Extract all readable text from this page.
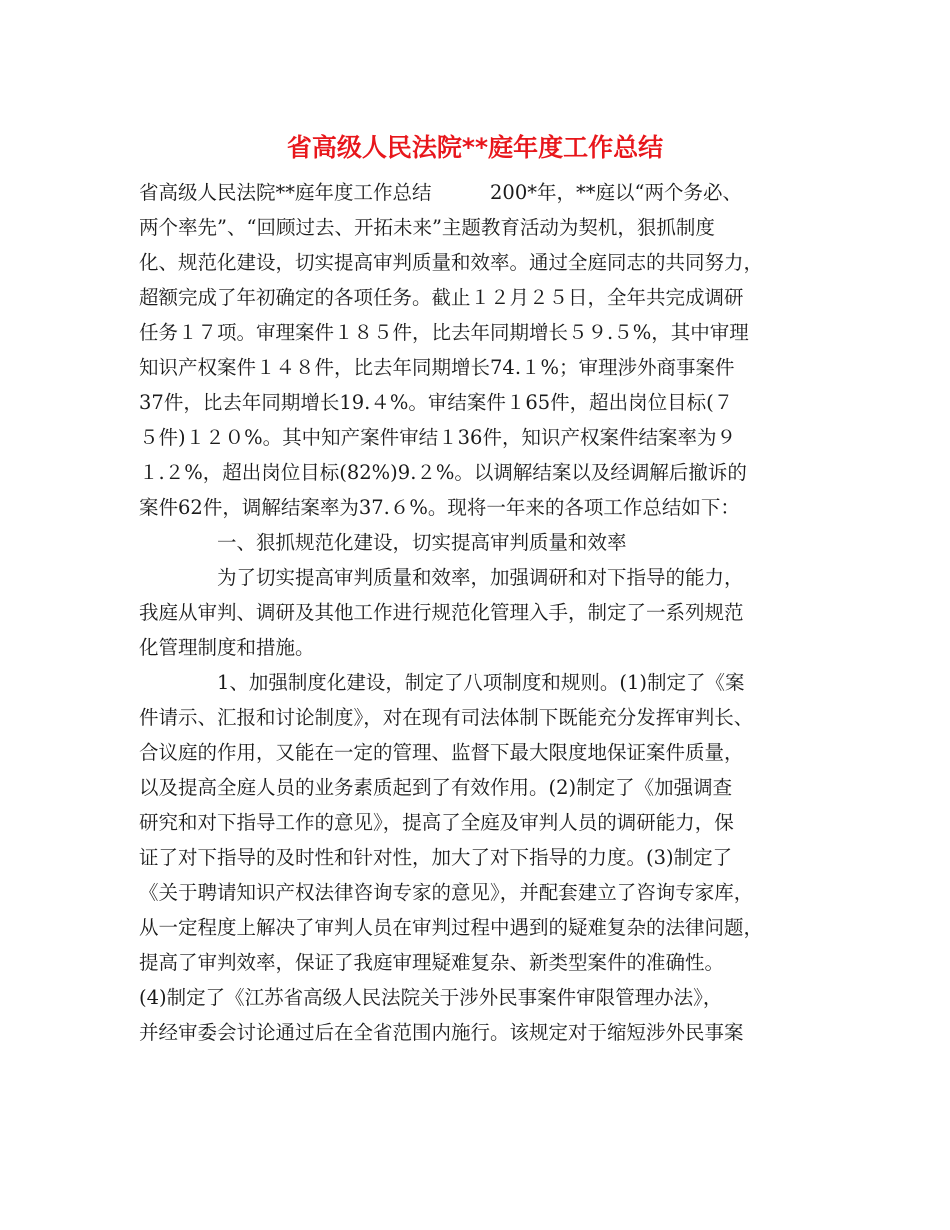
省高级人民法院**庭年度工作总结
省高级人民法院**庭年度工作总结　　　200*年，**庭以“两个务必、
两个率先”、“回顾过去、开拓未来”主题教育活动为契机，狠抓制度
化、规范化建设，切实提高审判质量和效率。通过全庭同志的共同努力，
超额完成了年初确定的各项任务。截止１２月２５日，全年共完成调研
任务１７项。审理案件１８５件，比去年同期增长５９.５%，其中审理
知识产权案件１４８件，比去年同期增长74.１%；审理涉外商事案件
37件，比去年同期增长19.４%。审结案件１65件，超出岗位目标(７
５件)１２０%。其中知产案件审结１36件，知识产权案件结案率为９
１.２%，超出岗位目标(82%)9.２%。以调解结案以及经调解后撤诉的
案件62件，调解结案率为37.６%。现将一年来的各项工作总结如下：
一、狠抓规范化建设，切实提高审判质量和效率
为了切实提高审判质量和效率，加强调研和对下指导的能力，
我庭从审判、调研及其他工作进行规范化管理入手，制定了一系列规范
化管理制度和措施。
1、加强制度化建设，制定了八项制度和规则。(1)制定了《案
件请示、汇报和讨论制度》，对在现有司法体制下既能充分发挥审判长、
合议庭的作用，又能在一定的管理、监督下最大限度地保证案件质量，
以及提高全庭人员的业务素质起到了有效作用。(2)制定了《加强调查
研究和对下指导工作的意见》，提高了全庭及审判人员的调研能力，保
证了对下指导的及时性和针对性，加大了对下指导的力度。(3)制定了
《关于聘请知识产权法律咨询专家的意见》，并配套建立了咨询专家库，
从一定程度上解决了审判人员在审判过程中遇到的疑难复杂的法律问题，
提高了审判效率，保证了我庭审理疑难复杂、新类型案件的准确性。
(4)制定了《江苏省高级人民法院关于涉外民事案件审限管理办法》，
并经审委会讨论通过后在全省范围内施行。该规定对于缩短涉外民事案
